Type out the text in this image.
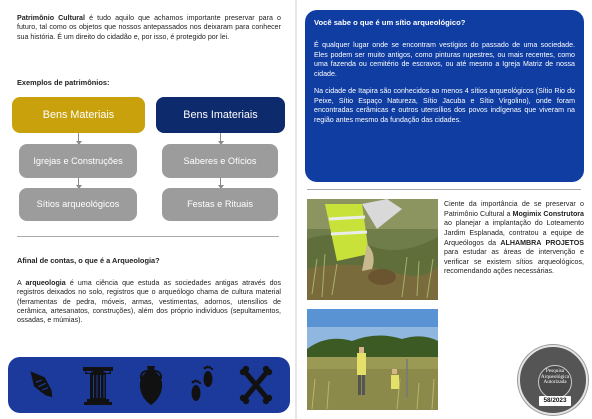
Patrimônio Cultural é tudo aquilo que achamos importante preservar para o futuro, tal como os objetos que nossos antepassados nos deixaram para conhecer sua história. É um direito do cidadão e, por isso, é protegido por lei.
Exemplos de patrimônios:
Bens Materiais	Bens Imateriais
Igrejas e Construções	Saberes e Ofícios
Sítios arqueológicos	Festas e Rituais
Afinal de contas, o que é a Arqueologia?
A arqueologia é uma ciência que estuda as sociedades antigas através dos registros deixados no solo, registros que o arqueólogo chama de cultura material (ferramentas de pedra, móveis, armas, vestimentas, adornos, utensílios de cerâmica, artesanatos, construções), além dos próprio indivíduos (sepultamentos, ossadas, e múmias).
Você sabe o que é um sítio arqueológico?

É qualquer lugar onde se encontram vestígios do passado de uma sociedade. Eles podem ser muito antigos, como pinturas rupestres, ou mais recentes, como uma fazenda ou cemitério de escravos, ou até mesmo a Igreja Matriz de nossa cidade.

Na cidade de Itapira são conhecidos ao menos 4 sítios arqueológicos (Sítio Rio do Peixe, Sítio Espaço Natureza, Sítio Jacuba e Sítio Virgolino), onde foram encontradas cerâmicas e outros utensílios dos povos indígenas que viveram na região antes mesmo da fundação das cidades.

Ciente da importância de se preservar o Patrimônio Cultural a Mogimix Construtora ao planejar a implantação do Loteamento Jardim Esplanada, contratou a equipe de Arqueólogos da ALHAMBRA PROJETOS para estudar as áreas de intervenção e verificar se existem sítios arqueológicos, recomendando ações necessárias.
Pesquisa
Arqueológica
Autorizada
58/2023
